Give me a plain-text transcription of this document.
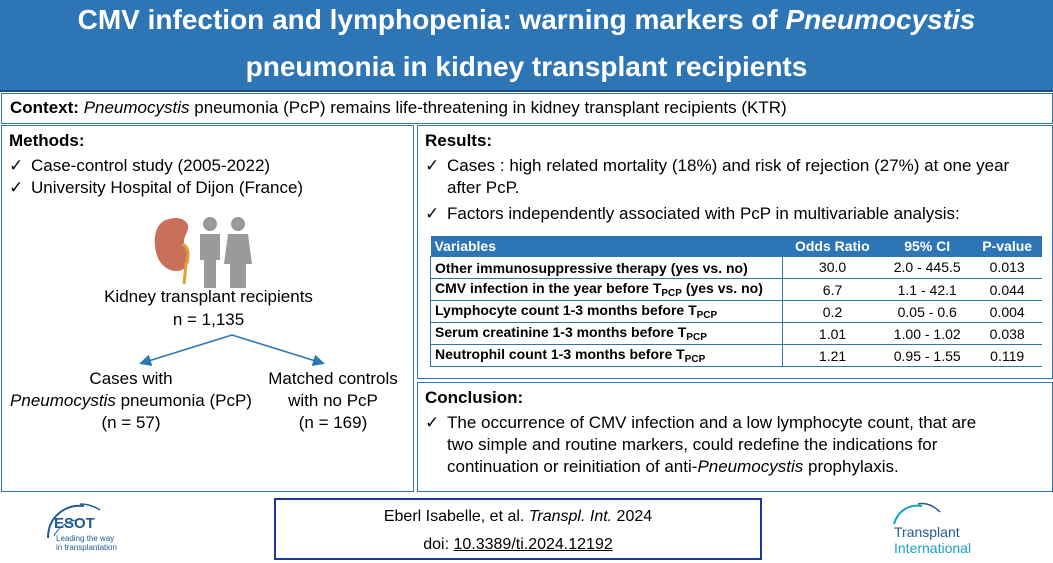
CMV infection and lymphopenia: warning markers of Pneumocystis
pneumonia in kidney transplant recipients
Context: Pneumocystis pneumonia (PcP) remains life-threatening in kidney transplant recipients (KTR)
Methods:
✓ Case-control study (2005-2022)
✓ University Hospital of Dijon (France)
Kidney transplant recipients
n = 1,135
Cases with
Pneumocystis pneumonia (PcP)
(n = 57)
Matched controls
with no PcP
(n = 169)
Results:
✓ Cases : high related mortality (18%) and risk of rejection (27%) at one year
after PcP.
✓ Factors independently associated with PcP in multivariable analysis:
Variables	Odds Ratio	95% CI	P-value
Other immunosuppressive therapy (yes vs. no)	30.0	2.0 - 445.5	0.013
CMV infection in the year before $T_{PCP}$ (yes vs. no)	6.7	1.1 - 42.1	0.044
Lymphocyte count 1-3 months before $T_{PCP}$	0.2	0.05 - 0.6	0.004
Serum creatinine 1-3 months before $T_{PCP}$	1.01	1.00 - 1.02	0.038
Neutrophil count 1-3 months before $T_{PCP}$	1.21	0.95 - 1.55	0.119
Conclusion:
✓ The occurrence of CMV infection and a low lymphocyte count, that are
two simple and routine markers, could redefine the indications for
continuation or reinitiation of anti-Pneumocystis prophylaxis.
ESOT
Leading the way
in transplantation
Eberl Isabelle, et al. Transpl. Int. 2024
doi: 10.3389/ti.2024.12192
Transplant
International
